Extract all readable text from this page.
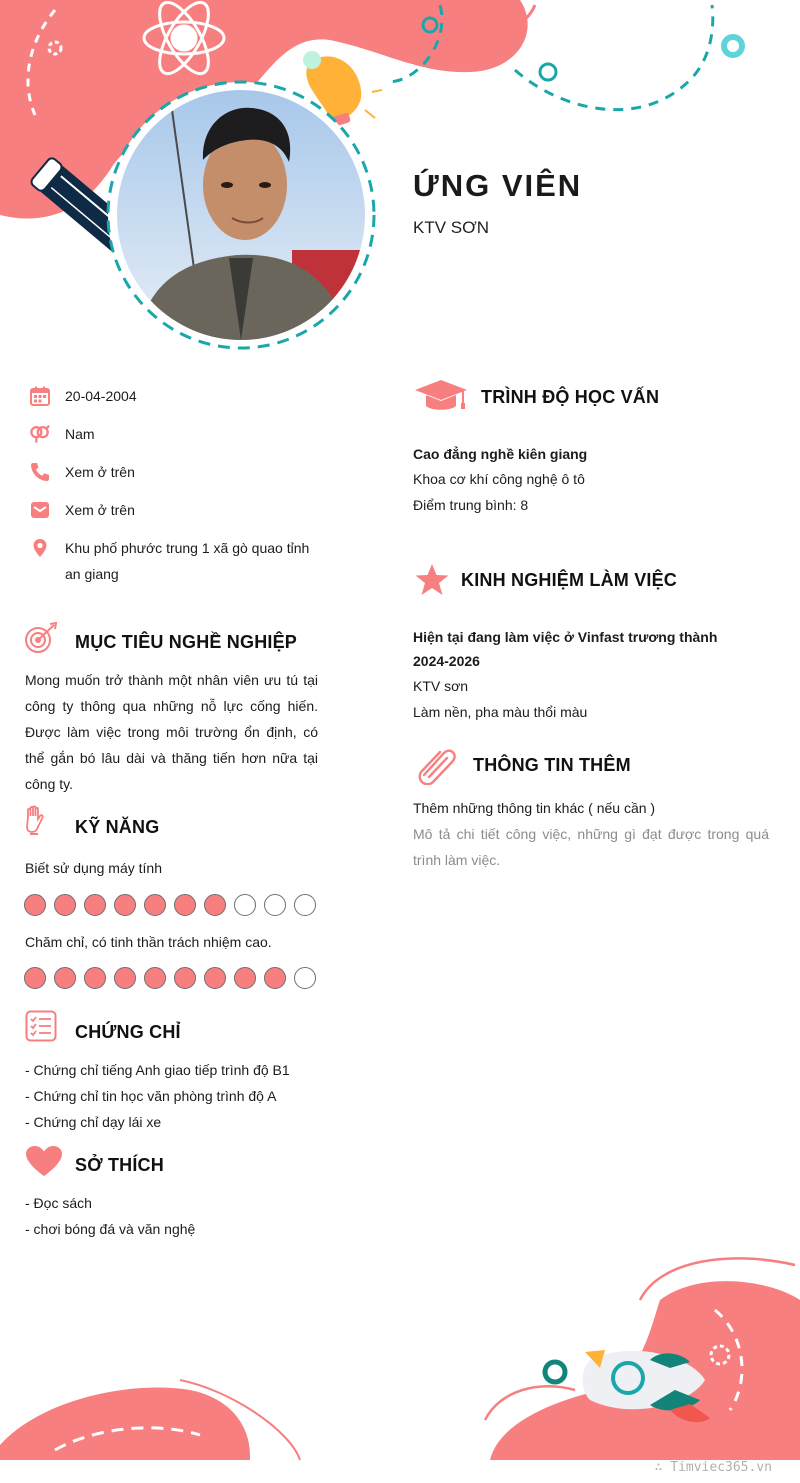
ỨNG VIÊN
KTV SƠN
20-04-2004
Nam
Xem ở trên
Xem ở trên
Khu phố phước trung 1 xã gò quao tỉnh an giang
MỤC TIÊU NGHỀ NGHIỆP
Mong muốn trở thành một nhân viên ưu tú tại công ty thông qua những nỗ lực cống hiến. Được làm việc trong môi trường ổn định, có thể gắn bó lâu dài và thăng tiến hơn nữa tại công ty.
KỸ NĂNG
Biết sử dụng máy tính
Chăm chỉ, có tinh thần trách nhiệm cao.
CHỨNG CHỈ
- Chứng chỉ tiếng Anh giao tiếp trình độ B1
- Chứng chỉ tin học văn phòng trình độ A
- Chứng chỉ dạy lái xe
SỞ THÍCH
- Đọc sách
- chơi bóng đá và văn nghệ
TRÌNH ĐỘ HỌC VẤN
Cao đẳng nghề kiên giang
Khoa cơ khí công nghệ ô tô
Điểm trung bình: 8
KINH NGHIỆM LÀM VIỆC
Hiện tại đang làm việc ở Vinfast trương thành
2024-2026
KTV sơn
Làm nền, pha màu thổi màu
THÔNG TIN THÊM
Thêm những thông tin khác ( nếu cần )
Mô tả chi tiết công việc, những gì đạt được trong quá trình làm việc.
∴ Timviec365.vn
